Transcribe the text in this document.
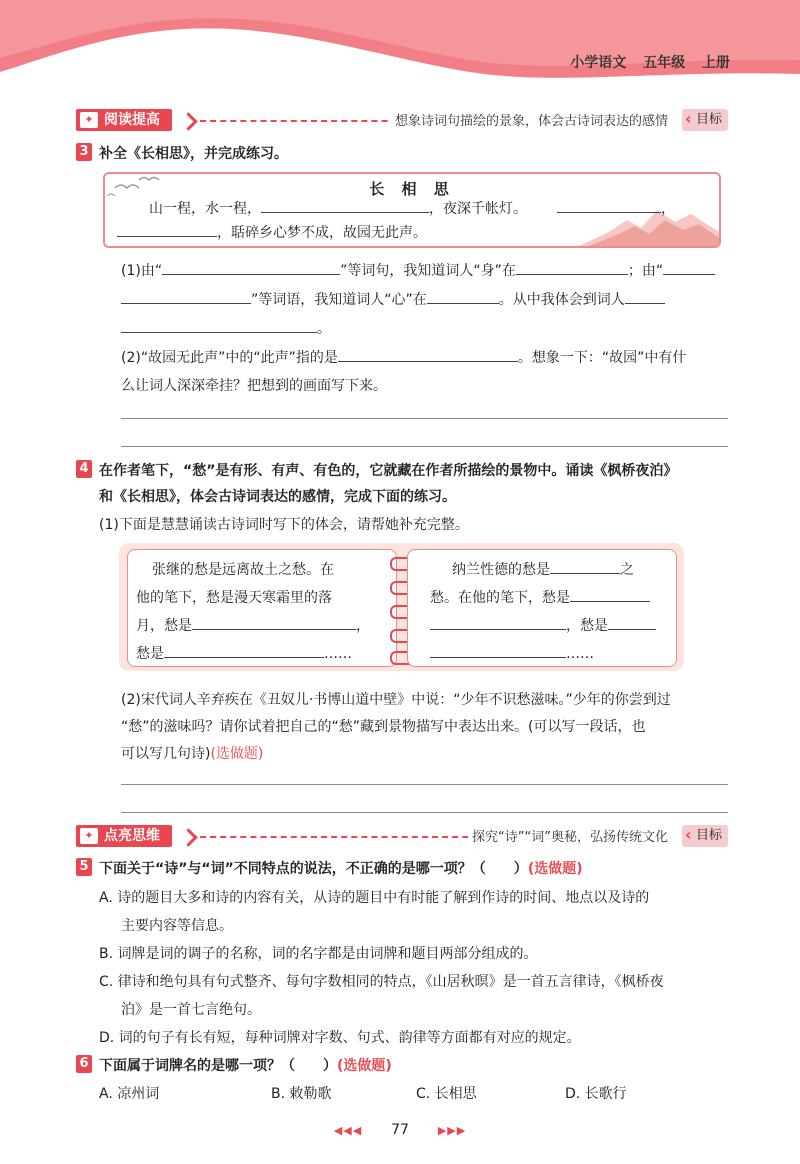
小学语文 五年级 上册
✦ 阅读提高	想象诗词句描绘的景象，体会古诗词表达的感情	‹ 目标
3 补全《长相思》，并完成练习。
长 相 思
山一程，水一程，	，夜深千帐灯。	，
，聒碎乡心梦不成，故园无此声。
(1)由“	”等词句，我知道词人“身”在	；由“
”等词语，我知道词人“心”在	。从中我体会到词人
。
(2)“故园无此声”中的“此声”指的是	。想象一下：“故园”中有什
么让词人深深牵挂？把想到的画面写下来。
4 在作者笔下，“愁”是有形、有声、有色的，它就藏在作者所描绘的景物中。诵读《枫桥夜泊》
和《长相思》，体会古诗词表达的感情，完成下面的练习。
(1)下面是慧慧诵读古诗词时写下的体会，请帮她补充完整。
张继的愁是远离故土之愁。在
他的笔下，愁是漫天寒霜里的落
月，愁是	，
愁是	……
纳兰性德的愁是	之
愁。在他的笔下，愁是
，愁是
……
(2)宋代词人辛弃疾在《丑奴儿·书博山道中壁》中说：“少年不识愁滋味。”少年的你尝到过
“愁”的滋味吗？请你试着把自己的“愁”藏到景物描写中表达出来。(可以写一段话，也
可以写几句诗)(选做题)
✦ 点亮思维	探究“诗”“词”奥秘，弘扬传统文化	‹ 目标
5 下面关于“诗”与“词”不同特点的说法，不正确的是哪一项？（　　）(选做题)
A. 诗的题目大多和诗的内容有关，从诗的题目中有时能了解到作诗的时间、地点以及诗的
主要内容等信息。
B. 词牌是词的调子的名称，词的名字都是由词牌和题目两部分组成的。
C. 律诗和绝句具有句式整齐、每句字数相同的特点，《山居秋暝》是一首五言律诗，《枫桥夜
泊》是一首七言绝句。
D. 词的句子有长有短，每种词牌对字数、句式、韵律等方面都有对应的规定。
6 下面属于词牌名的是哪一项？（　　）(选做题)
A. 凉州词	B. 敕勒歌	C. 长相思	D. 长歌行
◀◀◀ 77	▶▶▶
